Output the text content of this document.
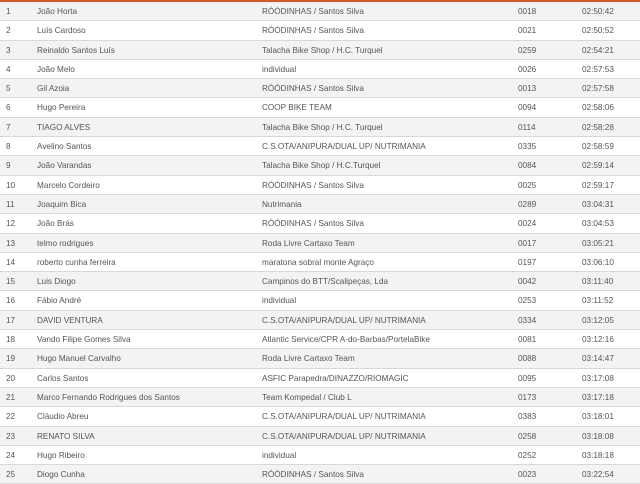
1	João Horta	RÓÓDINHAS / Santos Silva	0018	02:50:42
2	Luís Cardoso	RÓÓDINHAS / Santos Silva	0021	02:50:52
3	Reinaldo Santos Luís	Talacha Bike Shop / H.C. Turquel	0259	02:54:21
4	João Melo	individual	0026	02:57:53
5	Gil Azoia	RÓÓDINHAS / Santos Silva	0013	02:57:58
6	Hugo Pereira	COOP BIKE TEAM	0094	02:58:06
7	TIAGO ALVES	Talacha Bike Shop / H.C. Turquel	0114	02:58:28
8	Avelino Santos	C.S.OTA/ANIPURA/DUAL UP/ NUTRIMANIA	0335	02:58:59
9	João Varandas	Talacha Bike Shop / H.C.Turquel	0084	02:59:14
10	Marcelo Cordeiro	RÓÓDINHAS / Santos Silva	0025	02:59:17
11	Joaquim Bica	Nutrimania	0289	03:04:31
12	João Brás	RÓÓDINHAS / Santos Silva	0024	03:04:53
13	telmo rodrigues	Roda Livre Cartaxo Team	0017	03:05:21
14	roberto cunha ferreira	maratona sobral monte Agraço	0197	03:06:10
15	Luis Diogo	Campinos do BTT/Scalipeças, Lda	0042	03:11:40
16	Fábio André	individual	0253	03:11:52
17	DAVID VENTURA	C.S.OTA/ANIPURA/DUAL UP/ NUTRIMANIA	0334	03:12:05
18	Vando Filipe Gomes Silva	Atlantic Service/CPR A-do-Barbas/PortelaBike	0081	03:12:16
19	Hugo Manuel Carvalho	Roda Livre Cartaxo Team	0088	03:14:47
20	Carlos Santos	ASFIC Parapedra/DINAZZO/RIOMAGIC	0095	03:17:08
21	Marco Fernando Rodrigues dos Santos	Team Kompedal / Club L	0173	03:17:18
22	Cláudio Abreu	C.S.OTA/ANIPURA/DUAL UP/ NUTRIMANIA	0383	03:18:01
23	RENATO SILVA	C.S.OTA/ANIPURA/DUAL UP/ NUTRIMANIA	0258	03:18:08
24	Hugo Ribeiro	individual	0252	03:18:18
25	Diogo Cunha	RÓÓDINHAS / Santos Silva	0023	03:22:54
